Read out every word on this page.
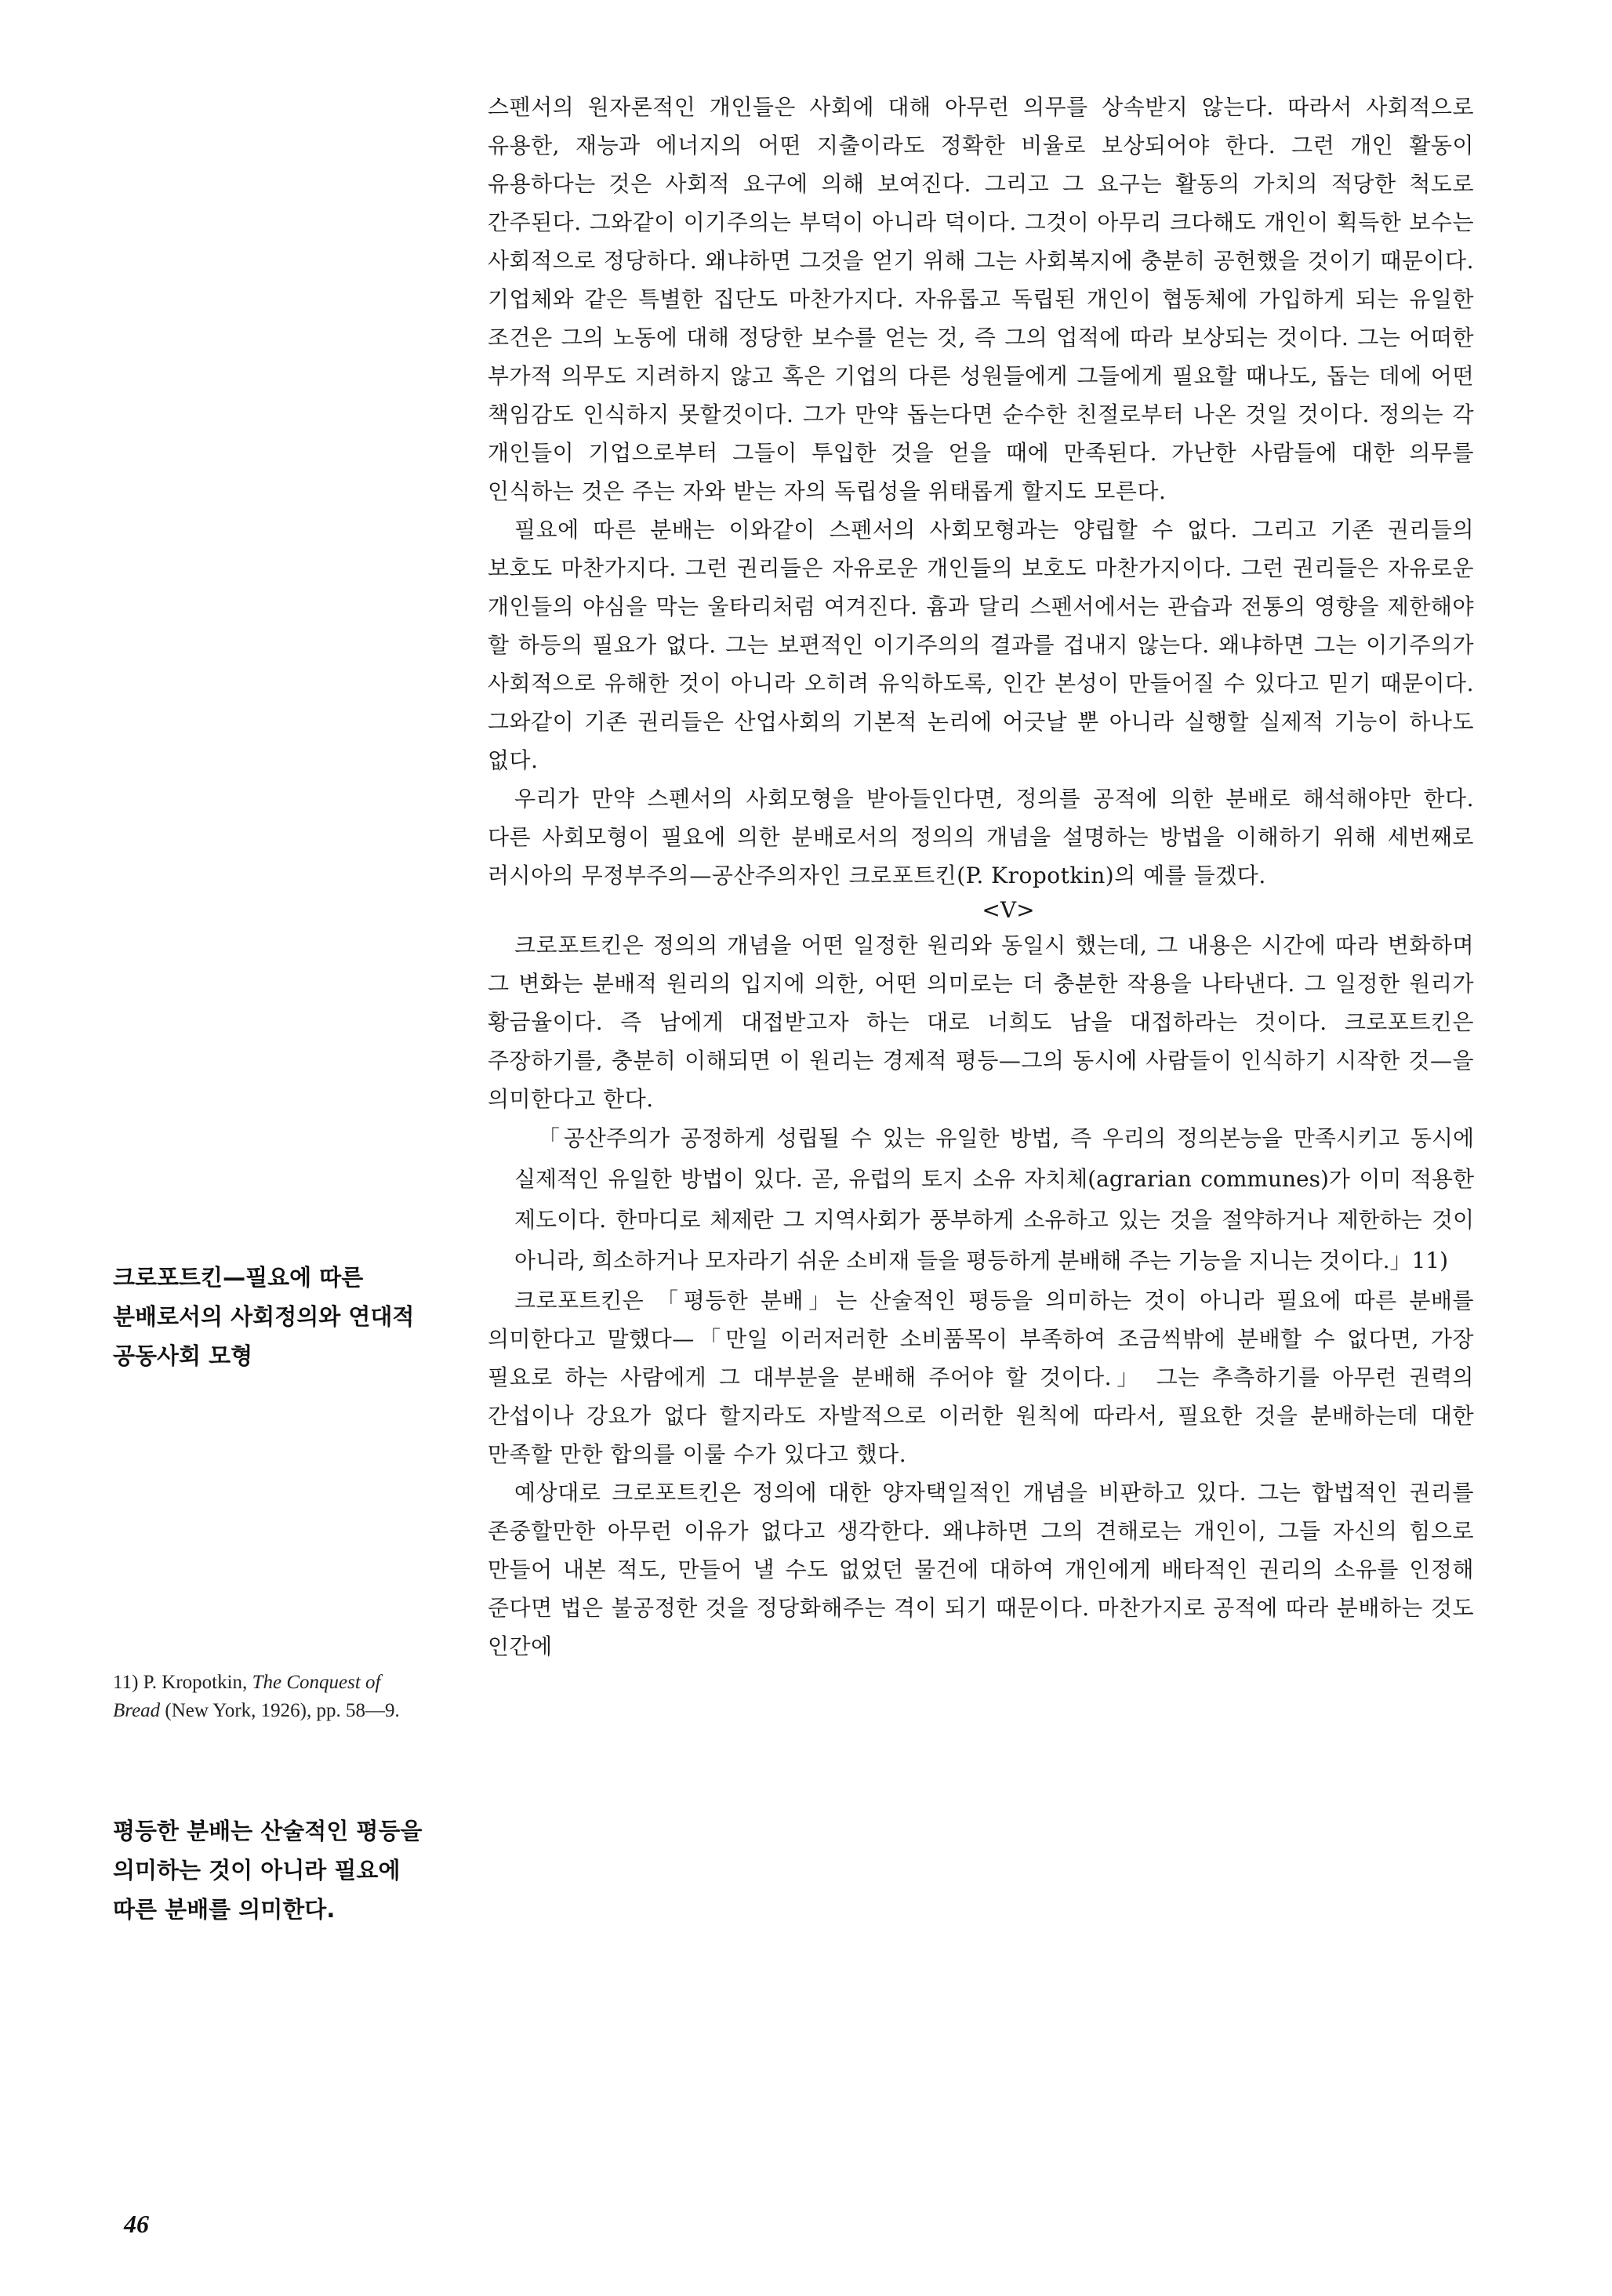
스펜서의 원자론적인 개인들은 사회에 대해 아무런 의무를 상속받지 않는다. 따라서 사회적으로 유용한, 재능과 에너지의 어떤 지출이라도 정확한 비율로 보상되어야 한다. 그런 개인 활동이 유용하다는 것은 사회적 요구에 의해 보여진다. 그리고 그 요구는 활동의 가치의 적당한 척도로 간주된다. 그와같이 이기주의는 부덕이 아니라 덕이다. 그것이 아무리 크다해도 개인이 획득한 보수는 사회적으로 정당하다. 왜냐하면 그것을 얻기 위해 그는 사회복지에 충분히 공헌했을 것이기 때문이다. 기업체와 같은 특별한 집단도 마찬가지다. 자유롭고 독립된 개인이 협동체에 가입하게 되는 유일한 조건은 그의 노동에 대해 정당한 보수를 얻는 것, 즉 그의 업적에 따라 보상되는 것이다. 그는 어떠한 부가적 의무도 지려하지 않고 혹은 기업의 다른 성원들에게 그들에게 필요할 때나도, 돕는 데에 어떤 책임감도 인식하지 못할것이다. 그가 만약 돕는다면 순수한 친절로부터 나온 것일 것이다. 정의는 각 개인들이 기업으로부터 그들이 투입한 것을 얻을 때에 만족된다. 가난한 사람들에 대한 의무를 인식하는 것은 주는 자와 받는 자의 독립성을 위태롭게 할지도 모른다.

필요에 따른 분배는 이와같이 스펜서의 사회모형과는 양립할 수 없다. 그리고 기존 권리들의 보호도 마찬가지다. 그런 권리들은 자유로운 개인들의 보호도 마찬가지이다. 그런 권리들은 자유로운 개인들의 야심을 막는 울타리처럼 여겨진다. 흄과 달리 스펜서에서는 관습과 전통의 영향을 제한해야 할 하등의 필요가 없다. 그는 보편적인 이기주의의 결과를 겁내지 않는다. 왜냐하면 그는 이기주의가 사회적으로 유해한 것이 아니라 오히려 유익하도록, 인간 본성이 만들어질 수 있다고 믿기 때문이다. 그와같이 기존 권리들은 산업사회의 기본적 논리에 어긋날 뿐 아니라 실행할 실제적 기능이 하나도 없다.

우리가 만약 스펜서의 사회모형을 받아들인다면, 정의를 공적에 의한 분배로 해석해야만 한다. 다른 사회모형이 필요에 의한 분배로서의 정의의 개념을 설명하는 방법을 이해하기 위해 세번째로 러시아의 무정부주의—공산주의자인 크로포트킨(P. Kropotkin)의 예를 들겠다.

<V>

크로포트킨은 정의의 개념을 어떤 일정한 원리와 동일시 했는데, 그 내용은 시간에 따라 변화하며 그 변화는 분배적 원리의 입지에 의한, 어떤 의미로는 더 충분한 작용을 나타낸다. 그 일정한 원리가 황금율이다. 즉 남에게 대접받고자 하는 대로 너희도 남을 대접하라는 것이다. 크로포트킨은 주장하기를, 충분히 이해되면 이 원리는 경제적 평등—그의 동시에 사람들이 인식하기 시작한 것—을 의미한다고 한다.

「공산주의가 공정하게 성립될 수 있는 유일한 방법, 즉 우리의 정의본능을 만족시키고 동시에 실제적인 유일한 방법이 있다. 곧, 유럽의 토지 소유 자치체(agrarian communes)가 이미 적용한 제도이다. 한마디로 체제란 그 지역사회가 풍부하게 소유하고 있는 것을 절약하거나 제한하는 것이 아니라, 희소하거나 모자라기 쉬운 소비재 들을 평등하게 분배해 주는 기능을 지니는 것이다.」11)

크로포트킨은 「평등한 분배」는 산술적인 평등을 의미하는 것이 아니라 필요에 따른 분배를 의미한다고 말했다—「만일 이러저러한 소비품목이 부족하여 조금씩밖에 분배할 수 없다면, 가장 필요로 하는 사람에게 그 대부분을 분배해 주어야 할 것이다.」 그는 추측하기를 아무런 권력의 간섭이나 강요가 없다 할지라도 자발적으로 이러한 원칙에 따라서, 필요한 것을 분배하는데 대한 만족할 만한 합의를 이룰 수가 있다고 했다.

예상대로 크로포트킨은 정의에 대한 양자택일적인 개념을 비판하고 있다. 그는 합법적인 권리를 존중할만한 아무런 이유가 없다고 생각한다. 왜냐하면 그의 견해로는 개인이, 그들 자신의 힘으로 만들어 내본 적도, 만들어 낼 수도 없었던 물건에 대하여 개인에게 배타적인 권리의 소유를 인정해 준다면 법은 불공정한 것을 정당화해주는 격이 되기 때문이다. 마찬가지로 공적에 따라 분배하는 것도 인간에

크로포트킨—필요에 따른 분배로서의 사회정의와 연대적 공동사회 모형

11) P. Kropotkin, The Conquest of Bread (New York, 1926), pp. 58—9.

평등한 분배는 산술적인 평등을 의미하는 것이 아니라 필요에 따른 분배를 의미한다.

46
